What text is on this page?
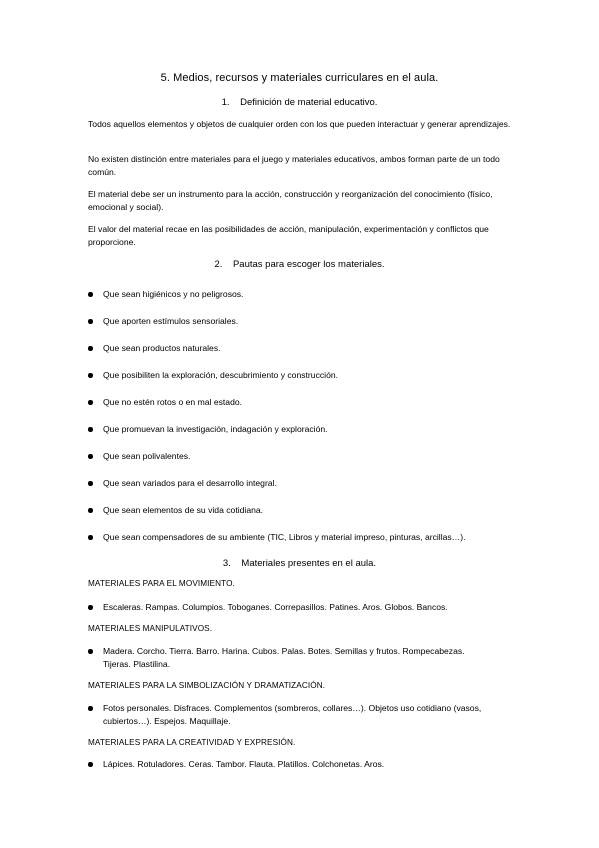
5. Medios, recursos y materiales curriculares en el aula.
1. Definición de material educativo.
Todos aquellos elementos y objetos de cualquier orden con los que pueden interactuar y generar aprendizajes.
No existen distinción entre materiales para el juego y materiales educativos, ambos forman parte de un todo común.
El material debe ser un instrumento para la acción, construcción y reorganización del conocimiento (físico, emocional y social).
El valor del material recae en las posibilidades de acción, manipulación, experimentación y conflictos que proporcione.
2. Pautas para escoger los materiales.
Que sean higiénicos y no peligrosos.
Que aporten estímulos sensoriales.
Que sean productos naturales.
Que posibiliten la exploración, descubrimiento y construcción.
Que no estén rotos o en mal estado.
Que promuevan la investigación, indagación y exploración.
Que sean polivalentes.
Que sean variados para el desarrollo integral.
Que sean elementos de su vida cotidiana.
Que sean compensadores de su ambiente (TIC, Libros y material impreso, pinturas, arcillas…).
3. Materiales presentes en el aula.
MATERIALES PARA EL MOVIMIENTO.
Escaleras. Rampas. Columpios. Toboganes. Correpasillos. Patines. Aros. Globos. Bancos.
MATERIALES MANIPULATIVOS.
Madera. Corcho. Tierra. Barro. Harina. Cubos. Palas. Botes. Semillas y frutos. Rompecabezas. Tijeras. Plastilina.
MATERIALES PARA LA SIMBOLIZACIÓN Y DRAMATIZACIÓN.
Fotos personales. Disfraces. Complementos (sombreros, collares…). Objetos uso cotidiano (vasos, cubiertos…). Espejos. Maquillaje.
MATERIALES PARA LA CREATIVIDAD Y EXPRESIÓN.
Lápices. Rotuladores. Ceras. Tambor. Flauta. Platillos. Colchonetas. Aros.
